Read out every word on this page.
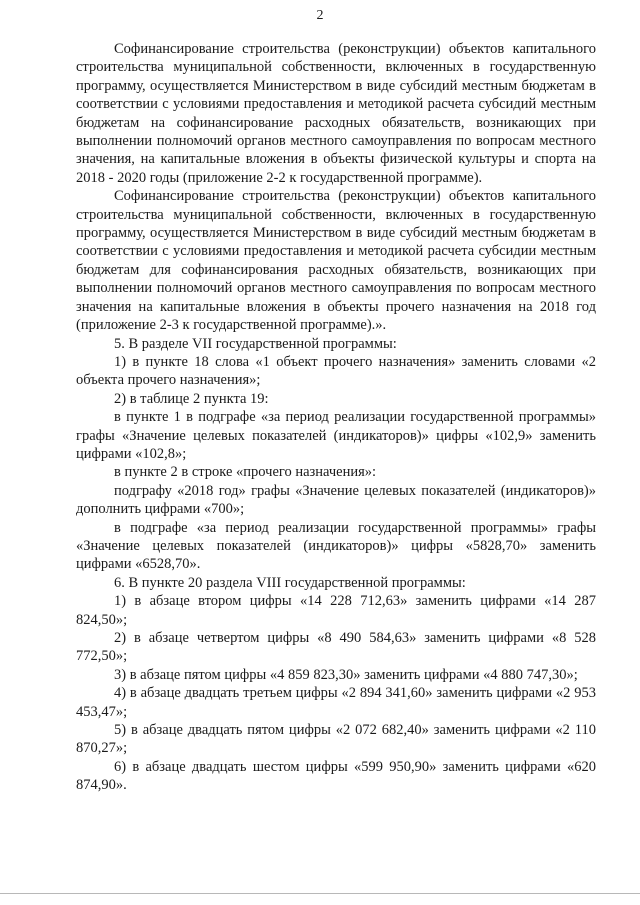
2

Софинансирование строительства (реконструкции) объектов капитального строительства муниципальной собственности, включенных в государственную программу, осуществляется Министерством в виде субсидий местным бюджетам в соответствии с условиями предоставления и методикой расчета субсидий местным бюджетам на софинансирование расходных обязательств, возникающих при выполнении полномочий органов местного самоуправления по вопросам местного значения, на капитальные вложения в объекты физической культуры и спорта на 2018 - 2020 годы (приложение 2-2 к государственной программе).

Софинансирование строительства (реконструкции) объектов капитального строительства муниципальной собственности, включенных в государственную программу, осуществляется Министерством в виде субсидий местным бюджетам в соответствии с условиями предоставления и методикой расчета субсидии местным бюджетам для софинансирования расходных обязательств, возникающих при выполнении полномочий органов местного самоуправления по вопросам местного значения на капитальные вложения в объекты прочего назначения на 2018 год (приложение 2-3 к государственной программе).».

5. В разделе VII государственной программы:

1) в пункте 18 слова «1 объект прочего назначения» заменить словами «2 объекта прочего назначения»;

2) в таблице 2 пункта 19:

в пункте 1 в подграфе «за период реализации государственной программы» графы «Значение целевых показателей (индикаторов)» цифры «102,9» заменить цифрами «102,8»;

в пункте 2 в строке «прочего назначения»:

подграфу «2018 год» графы «Значение целевых показателей (индикаторов)» дополнить цифрами «700»;

в подграфе «за период реализации государственной программы» графы «Значение целевых показателей (индикаторов)» цифры «5828,70» заменить цифрами «6528,70».

6. В пункте 20 раздела VIII государственной программы:

1) в абзаце втором цифры «14 228 712,63» заменить цифрами «14 287 824,50»;

2) в абзаце четвертом цифры «8 490 584,63» заменить цифрами «8 528 772,50»;

3) в абзаце пятом цифры «4 859 823,30» заменить цифрами «4 880 747,30»;

4) в абзаце двадцать третьем цифры «2 894 341,60» заменить цифрами «2 953 453,47»;

5) в абзаце двадцать пятом цифры «2 072 682,40» заменить цифрами «2 110 870,27»;

6) в абзаце двадцать шестом цифры «599 950,90» заменить цифрами «620 874,90».
